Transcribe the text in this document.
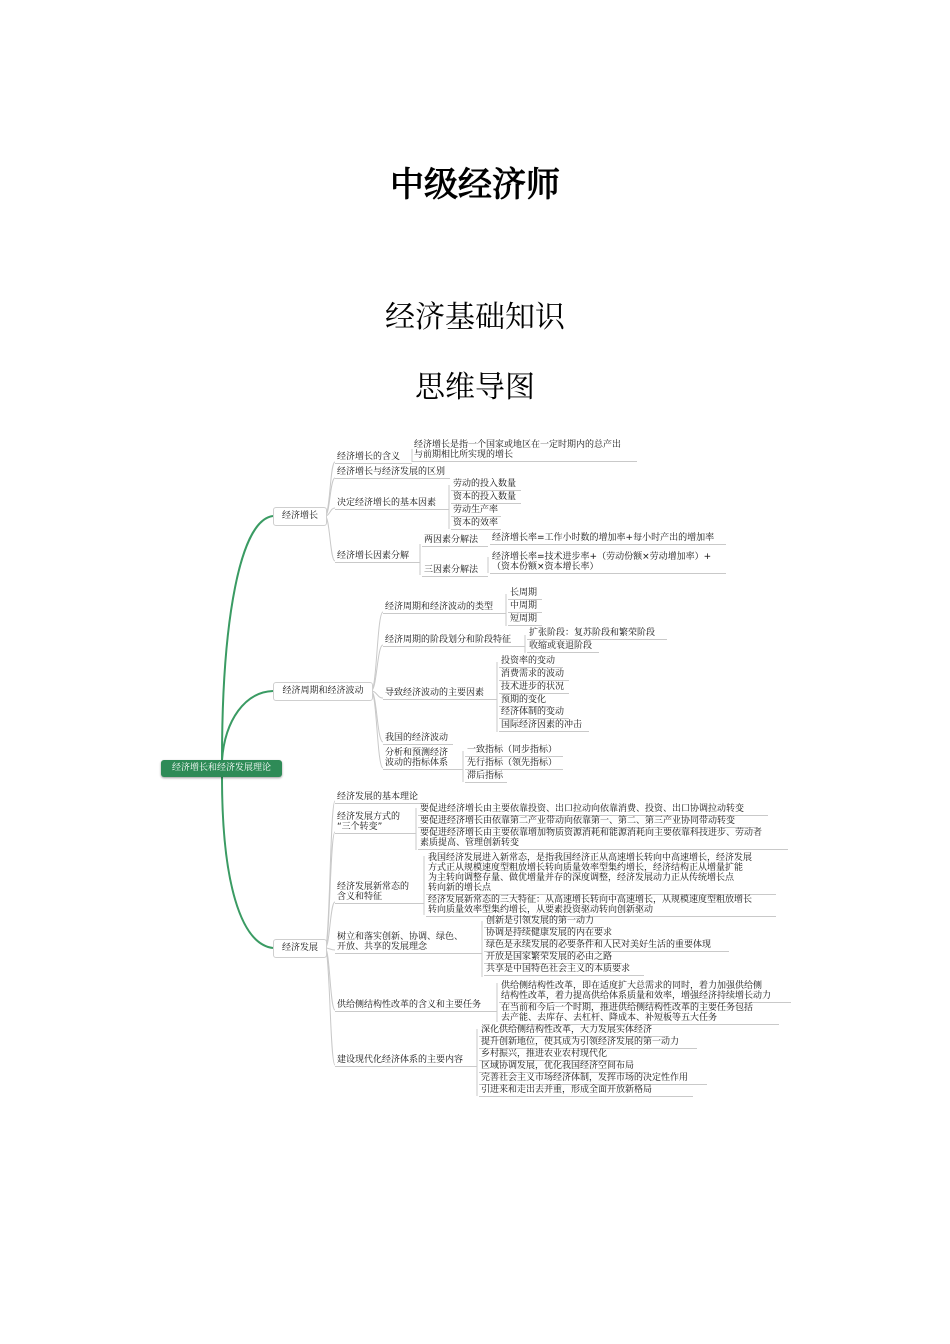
中级经济师
经济基础知识
思维导图
经济增长和经济发展理论
经济增长
经济增长的含义
经济增长是指一个国家或地区在一定时期内的总产出
与前期相比所实现的增长
经济增长与经济发展的区别
决定经济增长的基本因素
劳动的投入数量
资本的投入数量
劳动生产率
资本的效率
经济增长因素分解
两因素分解法 经济增长率=工作小时数的增加率+每小时产出的增加率
三因素分解法
经济增长率=技术进步率+（劳动份额×劳动增加率）+
（资本份额×资本增长率）
经济周期和经济波动
经济周期和经济波动的类型
长周期
中周期
短周期
经济周期的阶段划分和阶段特征
扩张阶段：复苏阶段和繁荣阶段
收缩或衰退阶段
导致经济波动的主要因素
投资率的变动
消费需求的波动
技术进步的状况
预期的变化
经济体制的变动
国际经济因素的冲击
我国的经济波动
分析和预测经济
波动的指标体系
一致指标（同步指标）
先行指标（领先指标）
滞后指标
经济发展
经济发展的基本理论
经济发展方式的
“三个转变”
要促进经济增长由主要依靠投资、出口拉动向依靠消费、投资、出口协调拉动转变
要促进经济增长由依靠第二产业带动向依靠第一、第二、第三产业协同带动转变
要促进经济增长由主要依靠增加物质资源消耗和能源消耗向主要依靠科技进步、劳动者
素质提高、管理创新转变
经济发展新常态的
含义和特征
我国经济发展进入新常态，是指我国经济正从高速增长转向中高速增长，经济发展
方式正从规模速度型粗放增长转向质量效率型集约增长，经济结构正从增量扩能
为主转向调整存量、做优增量并存的深度调整，经济发展动力正从传统增长点
转向新的增长点
经济发展新常态的三大特征：从高速增长转向中高速增长，从规模速度型粗放增长
转向质量效率型集约增长，从要素投资驱动转向创新驱动
树立和落实创新、协调、绿色、
开放、共享的发展理念
创新是引领发展的第一动力
协调是持续健康发展的内在要求
绿色是永续发展的必要条件和人民对美好生活的重要体现
开放是国家繁荣发展的必由之路
共享是中国特色社会主义的本质要求
供给侧结构性改革的含义和主要任务
供给侧结构性改革，即在适度扩大总需求的同时，着力加强供给侧
结构性改革，着力提高供给体系质量和效率，增强经济持续增长动力
在当前和今后一个时期，推进供给侧结构性改革的主要任务包括
去产能、去库存、去杠杆、降成本、补短板等五大任务
建设现代化经济体系的主要内容
深化供给侧结构性改革，大力发展实体经济
提升创新地位，使其成为引领经济发展的第一动力
乡村振兴，推进农业农村现代化
区域协调发展，优化我国经济空间布局
完善社会主义市场经济体制，发挥市场的决定性作用
引进来和走出去并重，形成全面开放新格局
